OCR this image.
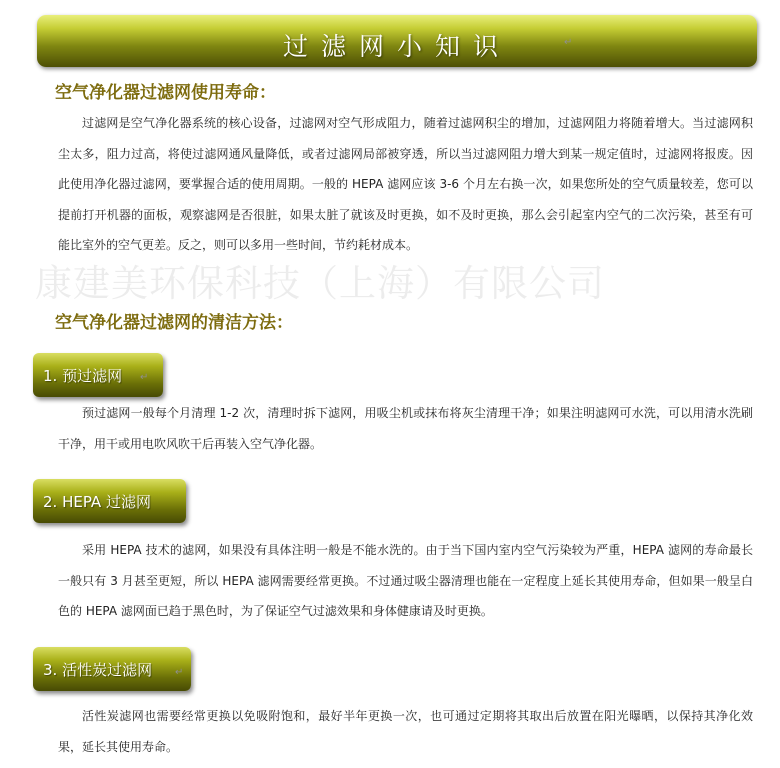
过滤网小知识	↵
空气净化器过滤网使用寿命：
康建美环保科技（上海）有限公司

过滤网是空气净化器系统的核心设备，过滤网对空气形成阻力，随着过滤网积尘的增加，过滤网阻力将随着增大。当过滤网积尘太多，阻力过高，将使过滤网通风量降低，或者过滤网局部被穿透，所以当过滤网阻力增大到某一规定值时，过滤网将报废。因此使用净化器过滤网，要掌握合适的使用周期。一般的 HEPA 滤网应该 3-6 个月左右换一次，如果您所处的空气质量较差，您可以提前打开机器的面板，观察滤网是否很脏，如果太脏了就该及时更换，如不及时更换，那么会引起室内空气的二次污染，甚至有可能比室外的空气更差。反之，则可以多用一些时间，节约耗材成本。

空气净化器过滤网的清洁方法：
1. 预过滤网 ↵

预过滤网一般每个月清理 1-2 次，清理时拆下滤网，用吸尘机或抹布将灰尘清理干净；如果注明滤网可水洗，可以用清水洗刷干净，用干或用电吹风吹干后再装入空气净化器。

2. HEPA 过滤网

采用 HEPA 技术的滤网，如果没有具体注明一般是不能水洗的。由于当下国内室内空气污染较为严重，HEPA 滤网的寿命最长一般只有 3 月甚至更短，所以 HEPA 滤网需要经常更换。不过通过吸尘器清理也能在一定程度上延长其使用寿命，但如果一般呈白色的 HEPA 滤网面已趋于黑色时，为了保证空气过滤效果和身体健康请及时更换。

3. 活性炭过滤网 ↵

活性炭滤网也需要经常更换以免吸附饱和，最好半年更换一次，也可通过定期将其取出后放置在阳光曝晒，以保持其净化效果，延长其使用寿命。
